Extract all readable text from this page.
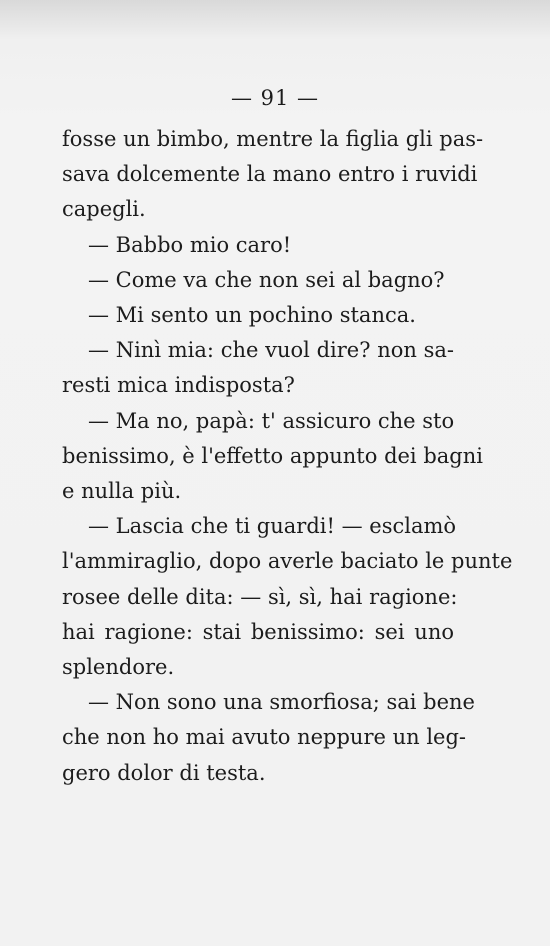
— 91 —
fosse un bimbo, mentre la figlia gli pas-
sava dolcemente la mano entro i ruvidi
capegli.
— Babbo mio caro!
— Come va che non sei al bagno?
— Mi sento un pochino stanca.
— Ninì mia: che vuol dire? non sa-
resti mica indisposta?
— Ma no, papà: t' assicuro che sto
benissimo, è l'effetto appunto dei bagni
e nulla più.
— Lascia che ti guardi! — esclamò
l'ammiraglio, dopo averle baciato le punte
rosee delle dita: — sì, sì, hai ragione:
hai ragione: stai benissimo: sei uno
splendore.
— Non sono una smorfiosa; sai bene
che non ho mai avuto neppure un leg-
gero dolor di testa.
